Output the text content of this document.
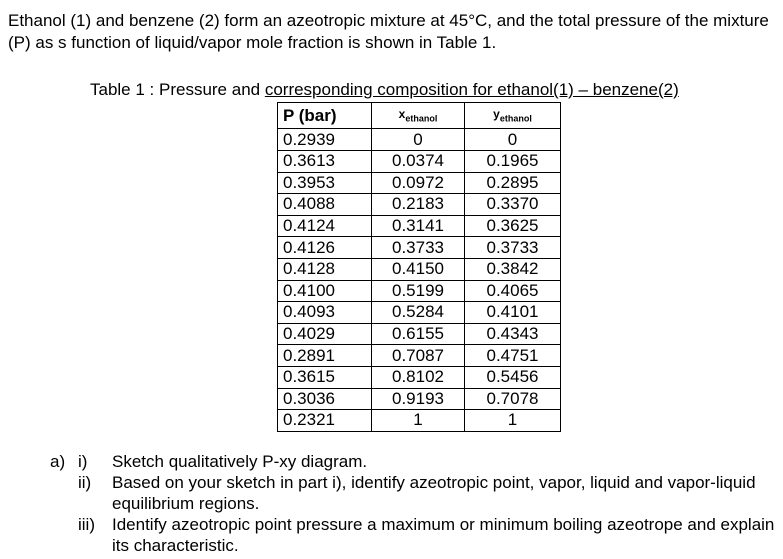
Ethanol (1) and benzene (2) form an azeotropic mixture at 45°C, and the total pressure of the mixture (P) as s function of liquid/vapor mole fraction is shown in Table 1.
Table 1 : Pressure and corresponding composition for ethanol(1) – benzene(2)
P (bar)	$x_{ethanol}$	$y_{ethanol}$
0.2939	0	0
0.3613	0.0374	0.1965
0.3953	0.0972	0.2895
0.4088	0.2183	0.3370
0.4124	0.3141	0.3625
0.4126	0.3733	0.3733
0.4128	0.4150	0.3842
0.4100	0.5199	0.4065
0.4093	0.5284	0.4101
0.4029	0.6155	0.4343
0.2891	0.7087	0.4751
0.3615	0.8102	0.5456
0.3036	0.9193	0.7078
0.2321	1	1
a) i)	Sketch qualitatively P-xy diagram.
ii)	Based on your sketch in part i), identify azeotropic point, vapor, liquid and vapor-liquid equilibrium regions.
iii)	Identify azeotropic point pressure a maximum or minimum boiling azeotrope and explain its characteristic.
